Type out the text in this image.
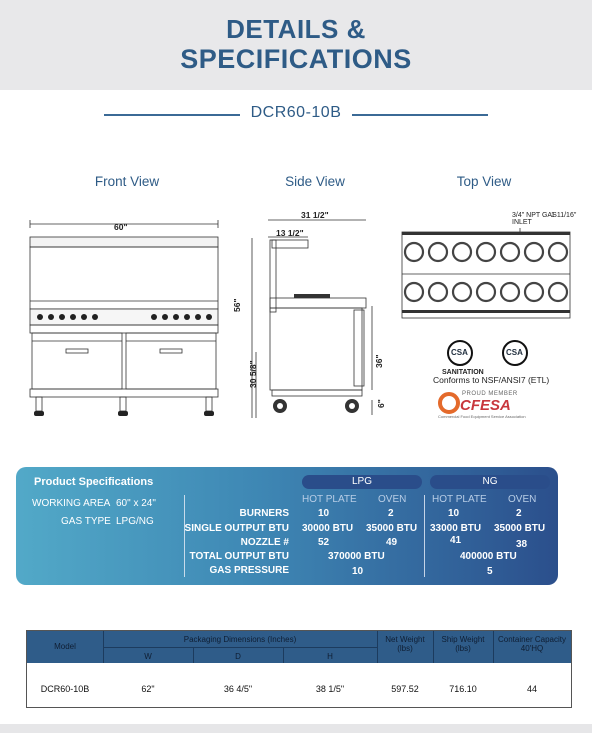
DETAILS &
SPECIFICATIONS
DCR60-10B
Front View	Side View	Top View
60"
31 1/2"
13 1/2"
56"
30 5/8"	36"
6"
3/4" NPT GAS INLET
1 11/16"
CSA
SANITATION
CSA
Conforms to NSF/ANSI7 (ETL)
PROUD MEMBER
CFESA
Commercial Food Equipment Service Association
Product Specifications
WORKING AREA 60" x 24"
GAS TYPE LPG/NG
LPG	NG
HOT PLATE OVEN	HOT PLATE OVEN
BURNERS	10	2	10	2
SINGLE OUTPUT BTU 30000 BTU 35000 BTU 33000 BTU 35000 BTU
NOZZLE #	52	49	41	38
TOTAL OUTPUT BTU	370000 BTU	400000 BTU
GAS PRESSURE	10	5
Model
Packaging Dimensions (Inches)
W	D	H
Net Weight (lbs)
Ship Weight (lbs)
Container Capacity 40'HQ
DCR60-10B	62"	36 4/5"	38 1/5"	597.52	716.10	44
